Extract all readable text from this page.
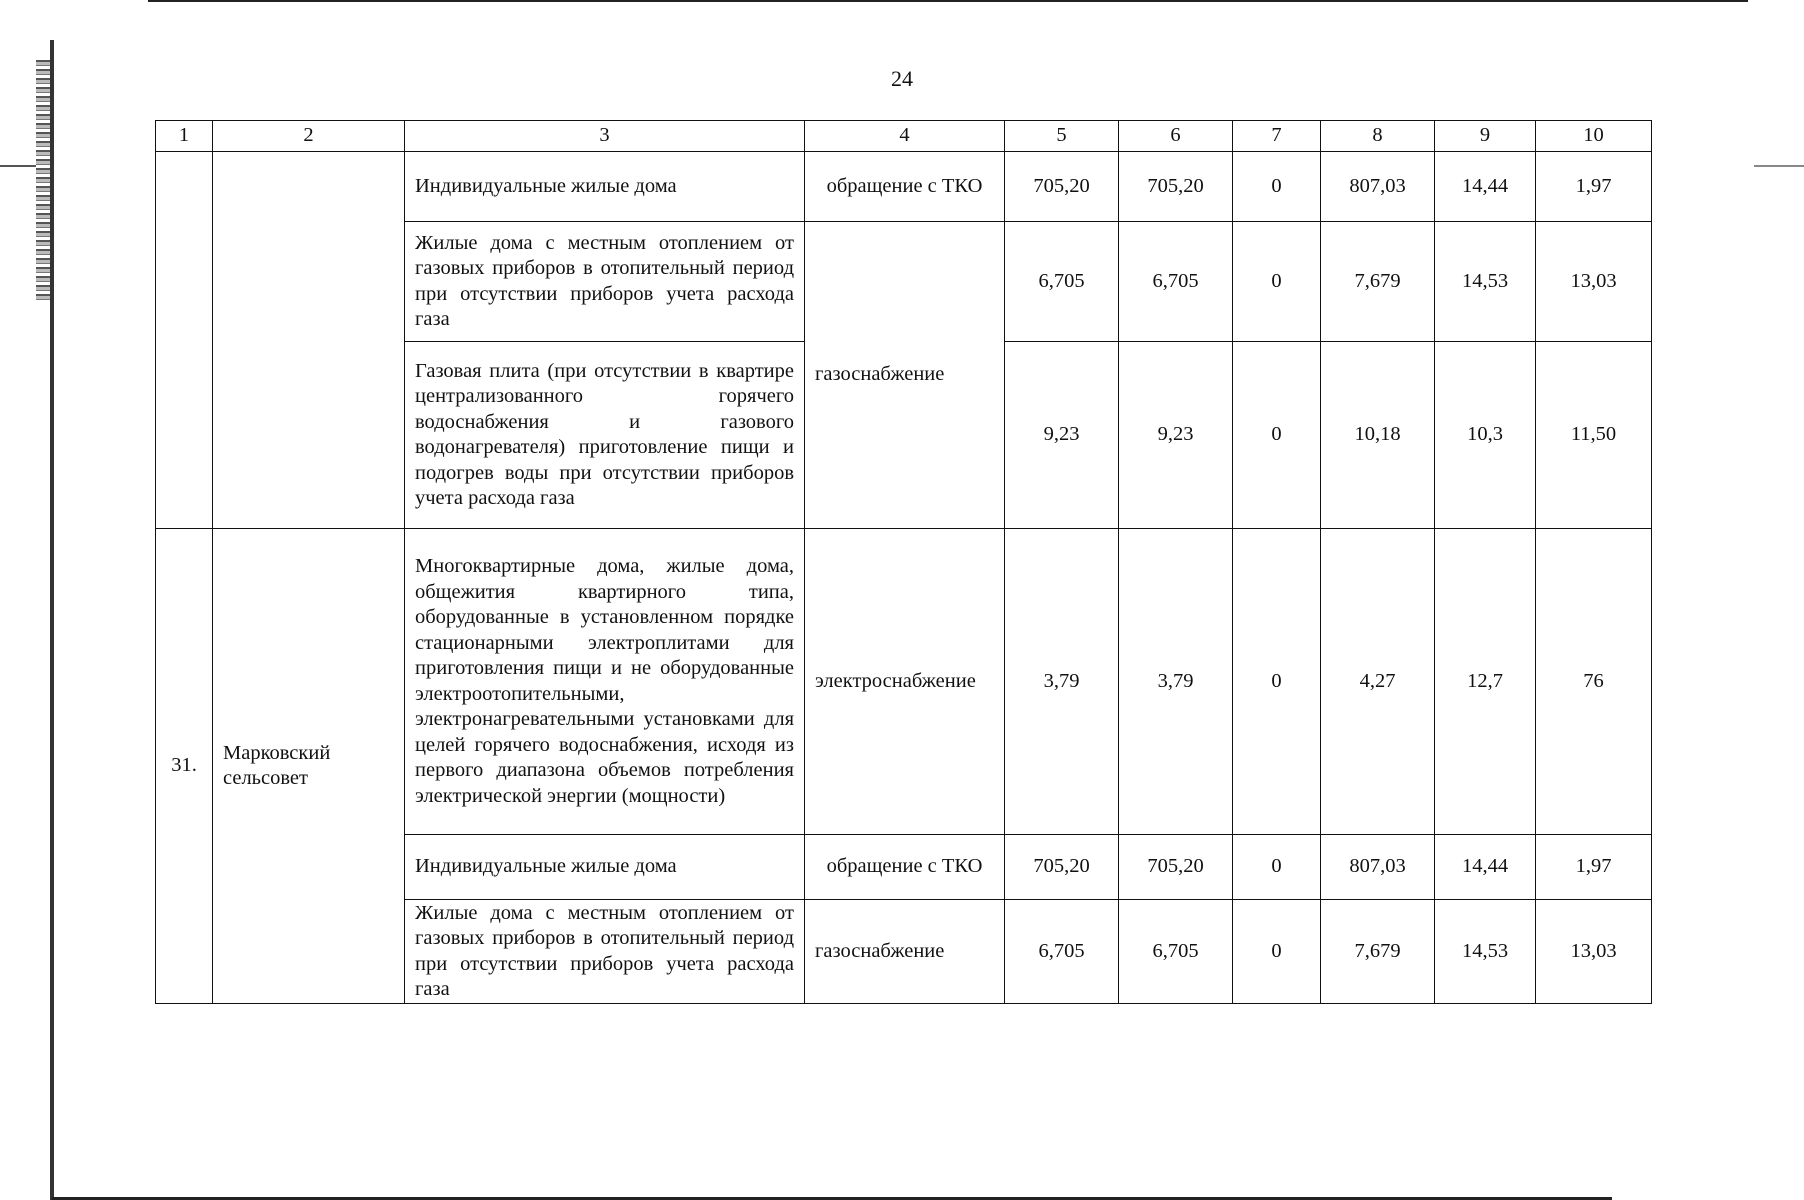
24
1	2	3	4	5	6	7	8	9	10
		Индивидуальные жилые дома	обращение с ТКО	705,20	705,20	0	807,03	14,44	1,97
		Жилые дома с местным отоплением от газовых приборов в отопительный период при отсутствии приборов учета расхода газа	газоснабжение	6,705	6,705	0	7,679	14,53	13,03
		Газовая плита (при отсутствии в квартире централизованного горячего водоснабжения и газового водонагревателя) приготовление пищи и подогрев воды при отсутствии приборов учета расхода газа		9,23	9,23	0	10,18	10,3	11,50
31.	Марковский сельсовет	Многоквартирные дома, жилые дома, общежития квартирного типа, оборудованные в установленном порядке стационарными электроплитами для приготовления пищи и не оборудованные электроотопительными, электронагревательными установками для целей горячего водоснабжения, исходя из первого диапазона объемов потребления электрической энергии (мощности)	электроснабжение	3,79	3,79	0	4,27	12,7	76
		Индивидуальные жилые дома	обращение с ТКО	705,20	705,20	0	807,03	14,44	1,97
		Жилые дома с местным отоплением от газовых приборов в отопительный период при отсутствии приборов учета расхода газа	газоснабжение	6,705	6,705	0	7,679	14,53	13,03
